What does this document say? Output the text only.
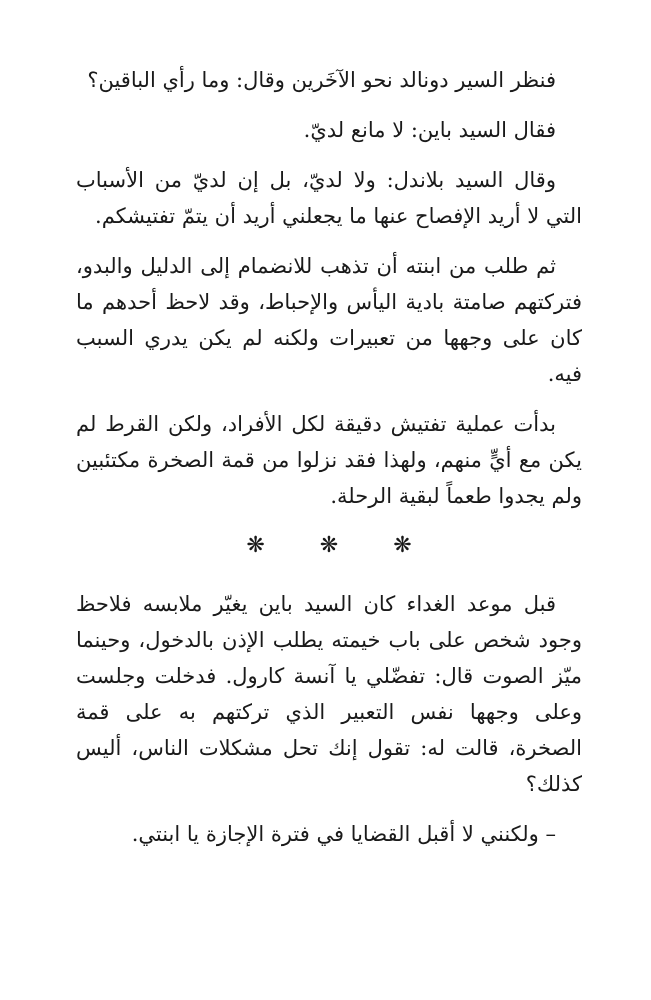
فنظر السير دونالد نحو الآخَرين وقال: وما رأي الباقين؟

فقال السيد باين: لا مانع لديّ.

وقال السيد بلاندل: ولا لديّ، بل إن لديّ من الأسباب التي لا أريد الإفصاح عنها ما يجعلني أريد أن يتمّ تفتيشكم.

ثم طلب من ابنته أن تذهب للانضمام إلى الدليل والبدو، فتركتهم صامتة بادية اليأس والإحباط، وقد لاحظ أحدهم ما كان على وجهها من تعبيرات ولكنه لم يكن يدري السبب فيه.

بدأت عملية تفتيش دقيقة لكل الأفراد، ولكن القرط لم يكن مع أيٍّ منهم، ولهذا فقد نزلوا من قمة الصخرة مكتئبين ولم يجدوا طعماً لبقية الرحلة.

❋ ❋ ❋

قبل موعد الغداء كان السيد باين يغيّر ملابسه فلاحظ وجود شخص على باب خيمته يطلب الإذن بالدخول، وحينما ميّز الصوت قال: تفضّلي يا آنسة كارول. فدخلت وجلست وعلى وجهها نفس التعبير الذي تركتهم به على قمة الصخرة، قالت له: تقول إنك تحل مشكلات الناس، أليس كذلك؟

– ولكنني لا أقبل القضايا في فترة الإجازة يا ابنتي.
